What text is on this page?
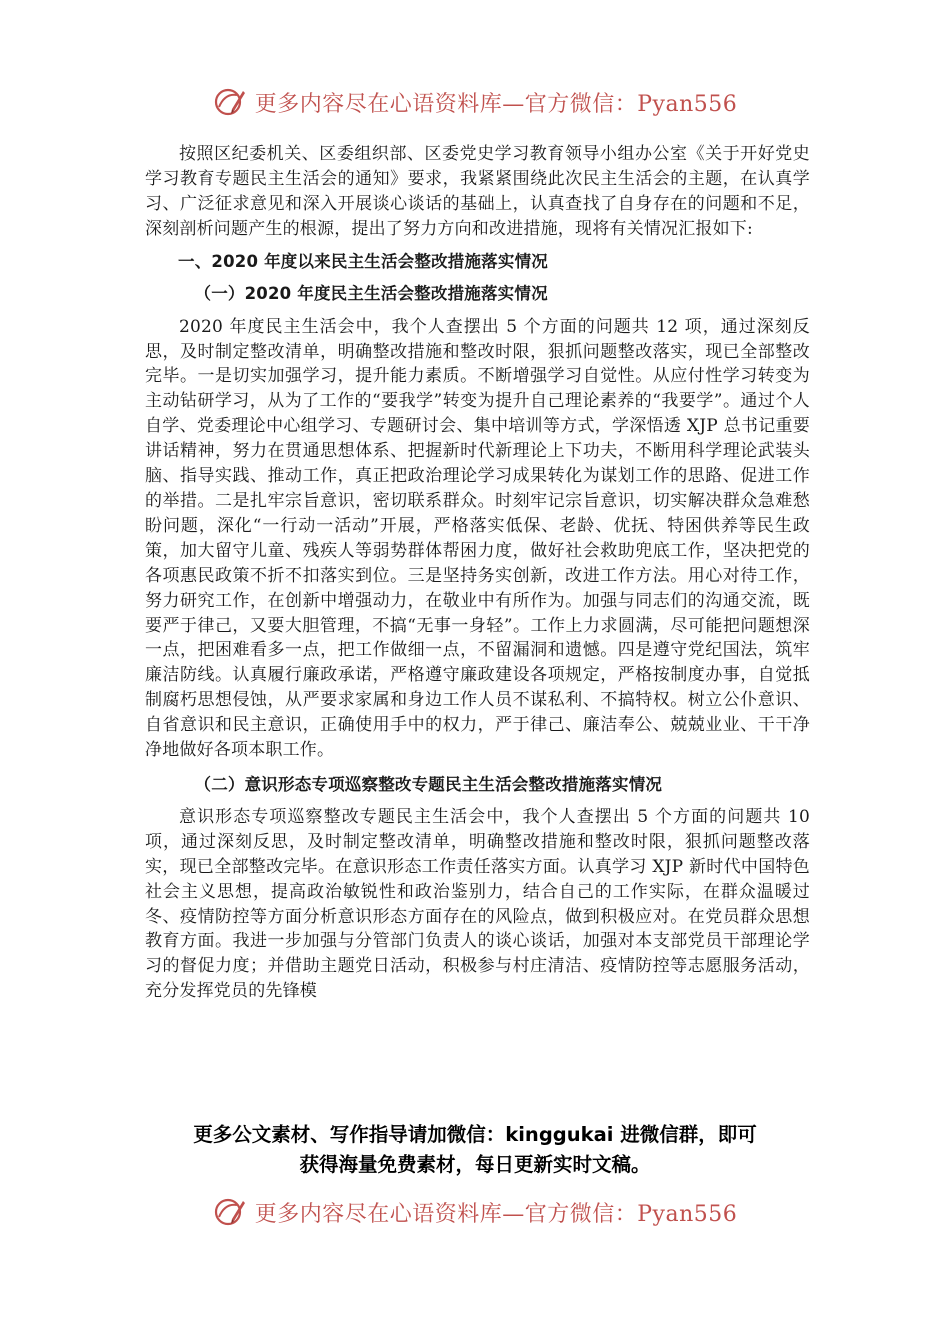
更多内容尽在心语资料库—官方微信：Pyan556

按照区纪委机关、区委组织部、区委党史学习教育领导小组办公室《关于开好党史学习教育专题民主生活会的通知》要求，我紧紧围绕此次民主生活会的主题，在认真学习、广泛征求意见和深入开展谈心谈话的基础上，认真查找了自身存在的问题和不足，深刻剖析问题产生的根源，提出了努力方向和改进措施，现将有关情况汇报如下:

一、2020 年度以来民主生活会整改措施落实情况

（一）2020 年度民主生活会整改措施落实情况

2020 年度民主生活会中，我个人查摆出 5 个方面的问题共 12 项，通过深刻反思，及时制定整改清单，明确整改措施和整改时限，狠抓问题整改落实，现已全部整改完毕。一是切实加强学习，提升能力素质。不断增强学习自觉性。从应付性学习转变为主动钻研学习，从为了工作的“要我学”转变为提升自己理论素养的“我要学”。通过个人自学、党委理论中心组学习、专题研讨会、集中培训等方式，学深悟透 XJP 总书记重要讲话精神，努力在贯通思想体系、把握新时代新理论上下功夫，不断用科学理论武装头脑、指导实践、推动工作，真正把政治理论学习成果转化为谋划工作的思路、促进工作的举措。二是扎牢宗旨意识，密切联系群众。时刻牢记宗旨意识，切实解决群众急难愁盼问题，深化“一行动一活动”开展，严格落实低保、老龄、优抚、特困供养等民生政策，加大留守儿童、残疾人等弱势群体帮困力度，做好社会救助兜底工作，坚决把党的各项惠民政策不折不扣落实到位。三是坚持务实创新，改进工作方法。用心对待工作，努力研究工作，在创新中增强动力，在敬业中有所作为。加强与同志们的沟通交流，既要严于律己，又要大胆管理，不搞“无事一身轻”。工作上力求圆满，尽可能把问题想深一点，把困难看多一点，把工作做细一点，不留漏洞和遗憾。四是遵守党纪国法，筑牢廉洁防线。认真履行廉政承诺，严格遵守廉政建设各项规定，严格按制度办事，自觉抵制腐朽思想侵蚀，从严要求家属和身边工作人员不谋私利、不搞特权。树立公仆意识、自省意识和民主意识，正确使用手中的权力，严于律己、廉洁奉公、兢兢业业、干干净净地做好各项本职工作。

（二）意识形态专项巡察整改专题民主生活会整改措施落实情况

意识形态专项巡察整改专题民主生活会中，我个人查摆出 5 个方面的问题共 10 项，通过深刻反思，及时制定整改清单，明确整改措施和整改时限，狠抓问题整改落实，现已全部整改完毕。在意识形态工作责任落实方面。认真学习 XJP 新时代中国特色社会主义思想，提高政治敏锐性和政治鉴别力，结合自己的工作实际，在群众温暖过冬、疫情防控等方面分析意识形态方面存在的风险点，做到积极应对。在党员群众思想教育方面。我进一步加强与分管部门负责人的谈心谈话，加强对本支部党员干部理论学习的督促力度；并借助主题党日活动，积极参与村庄清洁、疫情防控等志愿服务活动，充分发挥党员的先锋模

更多公文素材、写作指导请加微信：kinggukai 进微信群，即可
获得海量免费素材，每日更新实时文稿。
更多内容尽在心语资料库—官方微信：Pyan556
